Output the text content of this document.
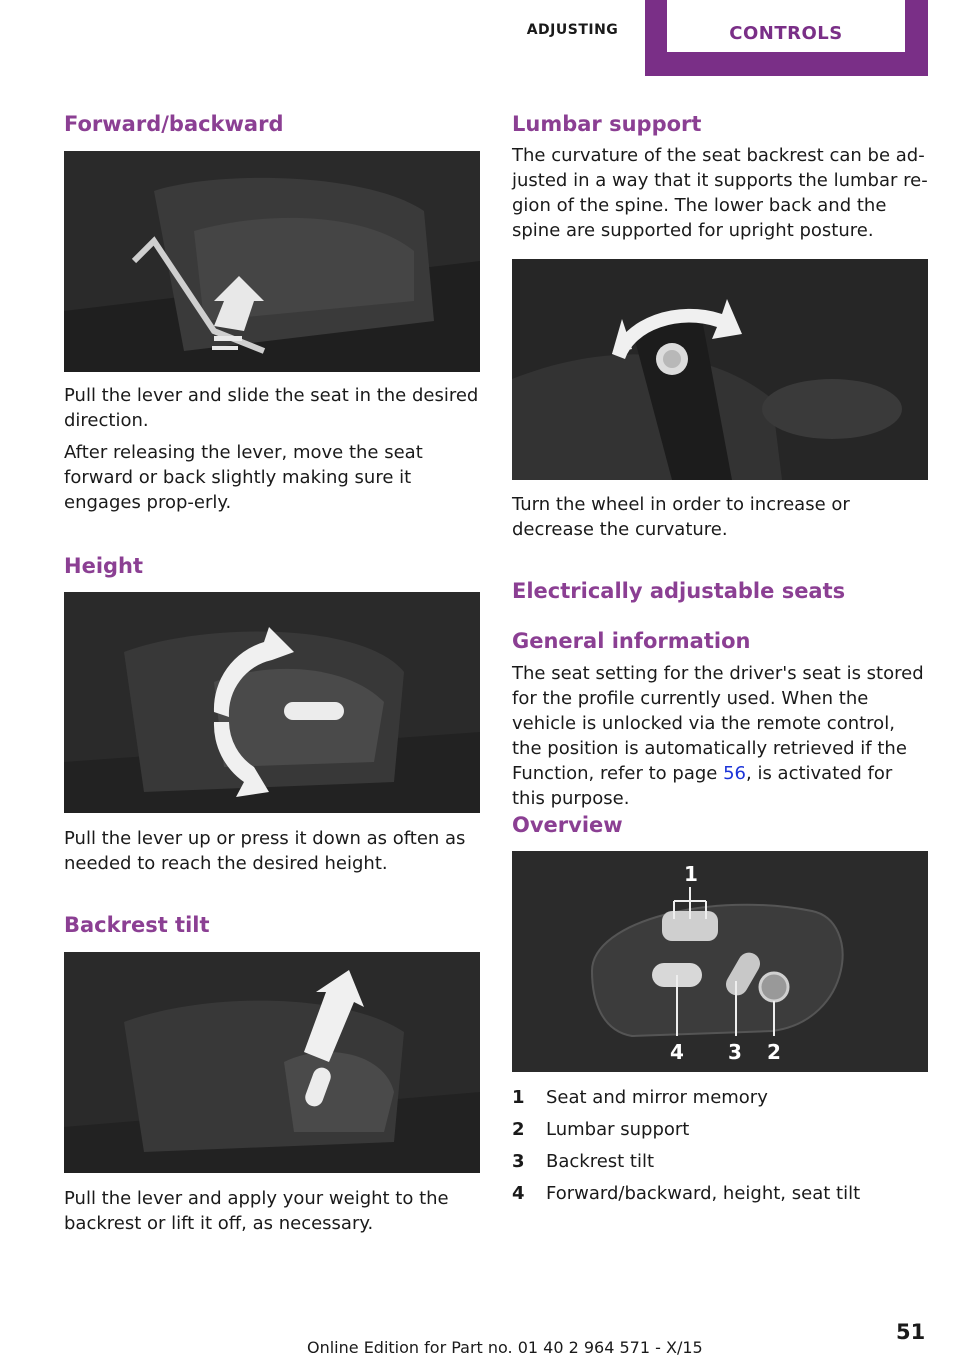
ADJUSTING	CONTROLS
Forward/backward

Pull the lever and slide the seat in the desired direction.

After releasing the lever, move the seat forward or back slightly making sure it engages prop‐erly.

Height

Pull the lever up or press it down as often as needed to reach the desired height.

Backrest tilt

Pull the lever and apply your weight to the backrest or lift it off, as necessary.

Lumbar support

The curvature of the seat backrest can be ad‐justed in a way that it supports the lumbar re‐gion of the spine. The lower back and the spine are supported for upright posture.

Turn the wheel in order to increase or decrease the curvature.

Electrically adjustable seats
General information

The seat setting for the driver's seat is stored for the profile currently used. When the vehicle is unlocked via the remote control, the position is automatically retrieved if the Function, refer to page 56, is activated for this purpose.

Overview
1
4 3 2
1 Seat and mirror memory
2 Lumbar support
3 Backrest tilt
4 Forward/backward, height, seat tilt
Online Edition for Part no. 01 40 2 964 571 - X/15
51
